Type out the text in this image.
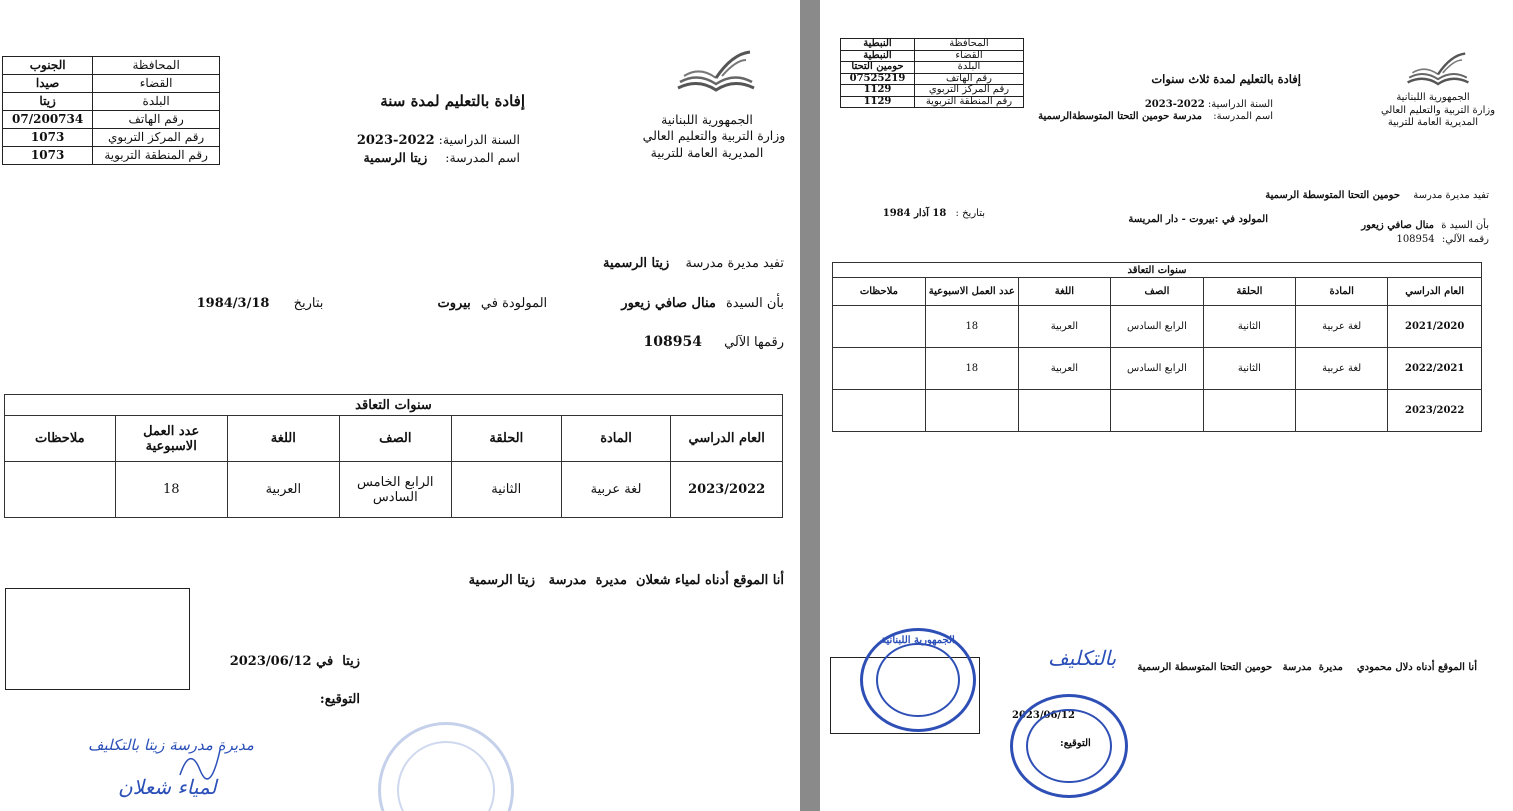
المحافظة	الجنوب
القضاء	صيدا
البلدة	زيتا
رقم الهاتف	07/200734
رقم المركز التربوي	1073
رقم المنطقة التربوية	1073
إفادة بالتعليم لمدة سنة
السنة الدراسية: 2022-2023
اسم المدرسة: زيتا الرسمية
الجمهورية اللبنانية
وزارة التربية والتعليم العالي
المديرية العامة للتربية
تفيد مديرة مدرسة زيتا الرسمية
بأن السيدة منال صافي زيعور المولودة في بيروت بتاريخ 1984/3/18
رقمها الآلي 108954
سنوات التعاقد						
العام الدراسي	المادة	الحلقة	الصف	اللغة	عدد العمل الاسبوعية	ملاحظات
2023/2022	لغة عربية	الثانية	الرابع الخامس السادس	العربية	18	
أنا الموقع أدناه لمياء شعلان  مديرة  مدرسة   زيتا الرسمية
زيتا  في 2023/06/12
التوقيع:
مديرة مدرسة زيتا بالتكليف
لمياء شعلان
المحافظة	النبطية
القضاء	النبطية
البلدة	حومين التحتا
رقم الهاتف	07525219
رقم المركز التربوي	1129
رقم المنطقة التربوية	1129
إفادة بالتعليم لمدة ثلاث سنوات
السنة الدراسية: 2022-2023
اسم المدرسة: مدرسة حومين التحتا المتوسطةالرسمية
الجمهورية اللبنانية
وزارة التربية والتعليم العالي
المديرية العامة للتربية
تفيد مديرة مدرسة حومين التحتا المتوسطة الرسمية
بتاريخ : 18 آذار 1984
المولود في :بيروت - دار المريسة
بأن السيد ة منال صافي زيعور
رقمه الآلي: 108954
سنوات التعاقد						
العام الدراسي	المادة	الحلقة	الصف	اللغة	عدد العمل الاسبوعية	ملاحظات
2021/2020	لغة عربية	الثانية	الرابع السادس	العربية	18	
2022/2021	لغة عربية	الثانية	الرابع السادس	العربية	18	
2023/2022						
أنا الموقع أدناه دلال محمودي    مديرة  مدرسة   حومين التحتا المتوسطة الرسمية
بالتكليف
الجمهورية اللبنانية
2023/06/12
التوقيع:
